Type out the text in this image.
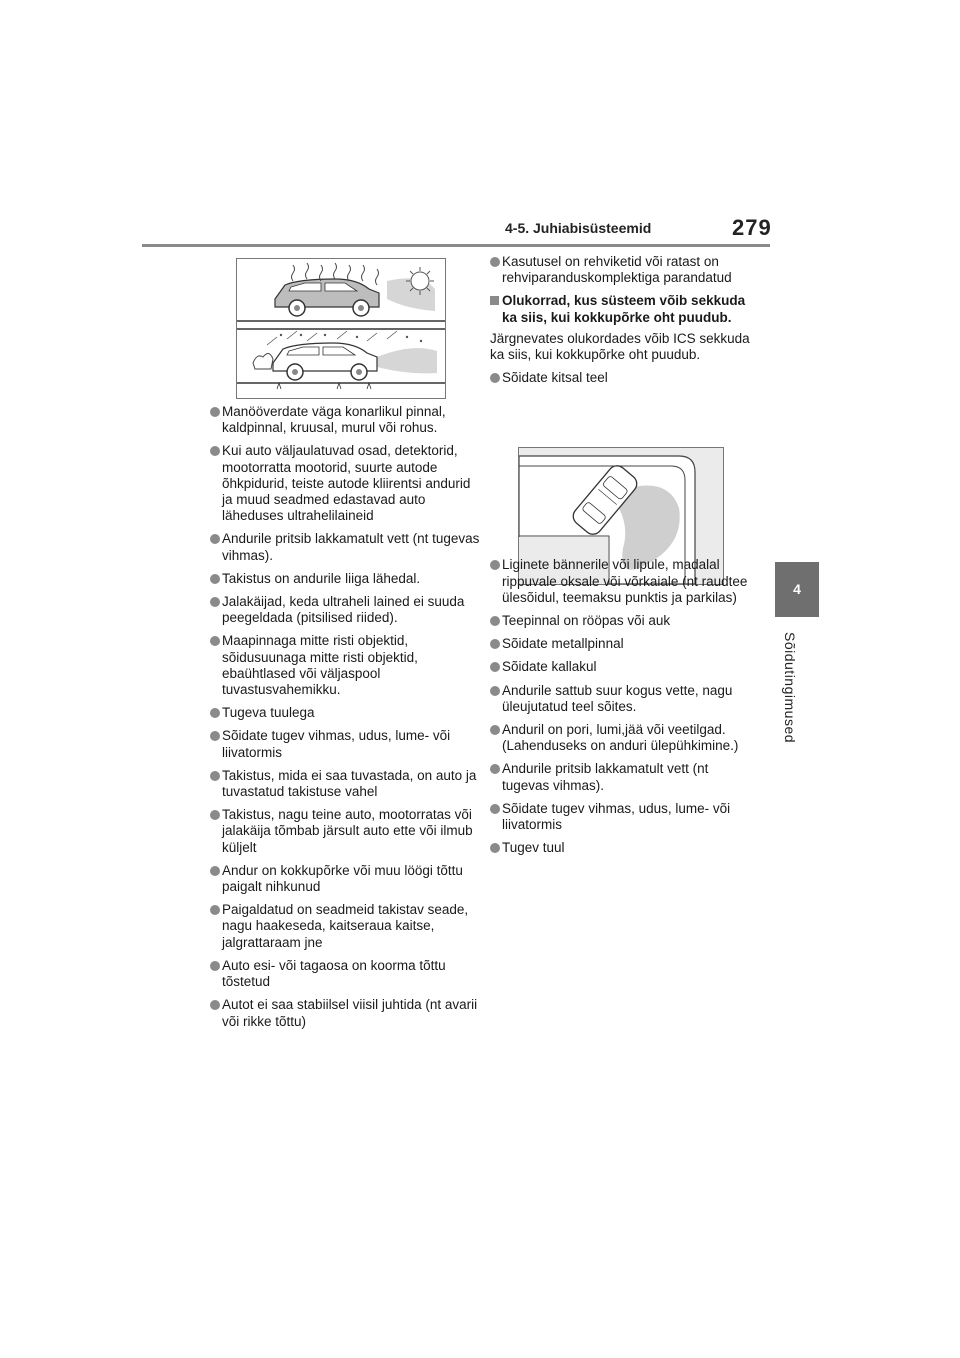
4-5. Juhiabisüsteemid	279
4
Sõidutingimused
Manööverdate väga konarlikul pinnal, kaldpinnal, kruusal, murul või rohus.
Kui auto väljaulatuvad osad, detektorid, mootorratta mootorid, suurte autode õhkpidurid, teiste autode kliirentsi andurid ja muud seadmed edastavad auto läheduses ultrahelilaineid
Andurile pritsib lakkamatult vett (nt tugevas vihmas).
Takistus on andurile liiga lähedal.
Jalakäijad, keda ultraheli lained ei suuda peegeldada (pitsilised riided).
Maapinnaga mitte risti objektid, sõidusuunaga mitte risti objektid, ebaühtlased või väljaspool tuvastusvahemikku.
Tugeva tuulega
Sõidate tugev vihmas, udus, lume- või liivatormis
Takistus, mida ei saa tuvastada, on auto ja tuvastatud takistuse vahel
Takistus, nagu teine auto, mootorratas või jalakäija tõmbab järsult auto ette või ilmub küljelt
Andur on kokkupõrke või muu löögi tõttu paigalt nihkunud
Paigaldatud on seadmeid takistav seade, nagu haakeseda, kaitseraua kaitse, jalgrattaraam jne
Auto esi- või tagaosa on koorma tõttu tõstetud
Autot ei saa stabiilsel viisil juhtida (nt avarii või rikke tõttu)
Kasutusel on rehviketid või ratast on rehviparanduskomplektiga parandatud
Olukorrad, kus süsteem võib sekkuda ka siis, kui kokkupõrke oht puudub.
Järgnevates olukordades võib ICS sekkuda ka siis, kui kokkupõrke oht puudub.
Sõidate kitsal teel
Liginete bännerile või lipule, madalal rippuvale oksale või võrkaiale (nt raudtee ülesõidul, teemaksu punktis ja parkilas)
Teepinnal on rööpas või auk
Sõidate metallpinnal
Sõidate kallakul
Andurile sattub suur kogus vette, nagu üleujutatud teel sõites.
Anduril on pori, lumi,jää või veetilgad. (Lahenduseks on anduri ülepühkimine.)
Andurile pritsib lakkamatult vett (nt tugevas vihmas).
Sõidate tugev vihmas, udus, lume- või liivatormis
Tugev tuul
